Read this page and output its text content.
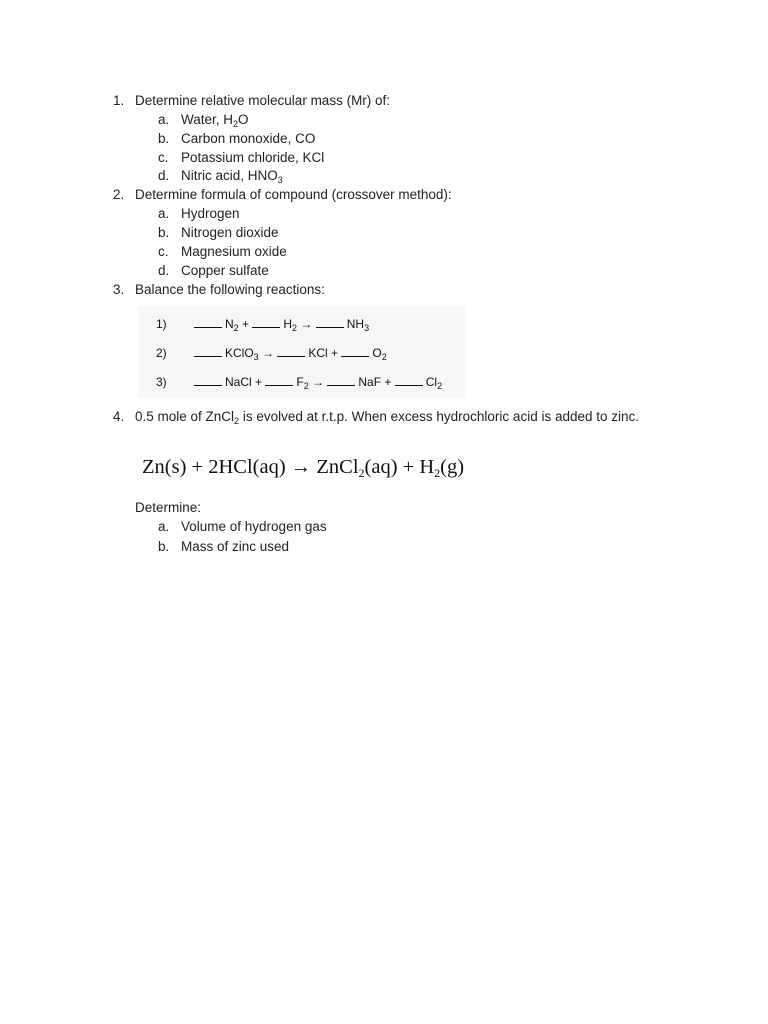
1. Determine relative molecular mass (Mr) of:
a. Water, $H_2O$
b. Carbon monoxide, CO
c. Potassium chloride, KCl
d. Nitric acid, $HNO_3$
2. Determine formula of compound (crossover method):
a. Hydrogen
b. Nitrogen dioxide
c. Magnesium oxide
d. Copper sulfate
3. Balance the following reactions:
1)	$N_2$ +	$H_2$ →	$NH_3$
2)	KClO$_3$ →	KCl +	$O_2$
3)	NaCl +	$F_2$ →	NaF +	$Cl_2$
4. 0.5 mole of ZnCl$_2$ is evolved at r.t.p. When excess hydrochloric acid is added to zinc.
Zn(s) + 2HCl(aq) → ZnCl$_2$(aq) + $H_2(g)$
Determine:
a. Volume of hydrogen gas
b. Mass of zinc used
